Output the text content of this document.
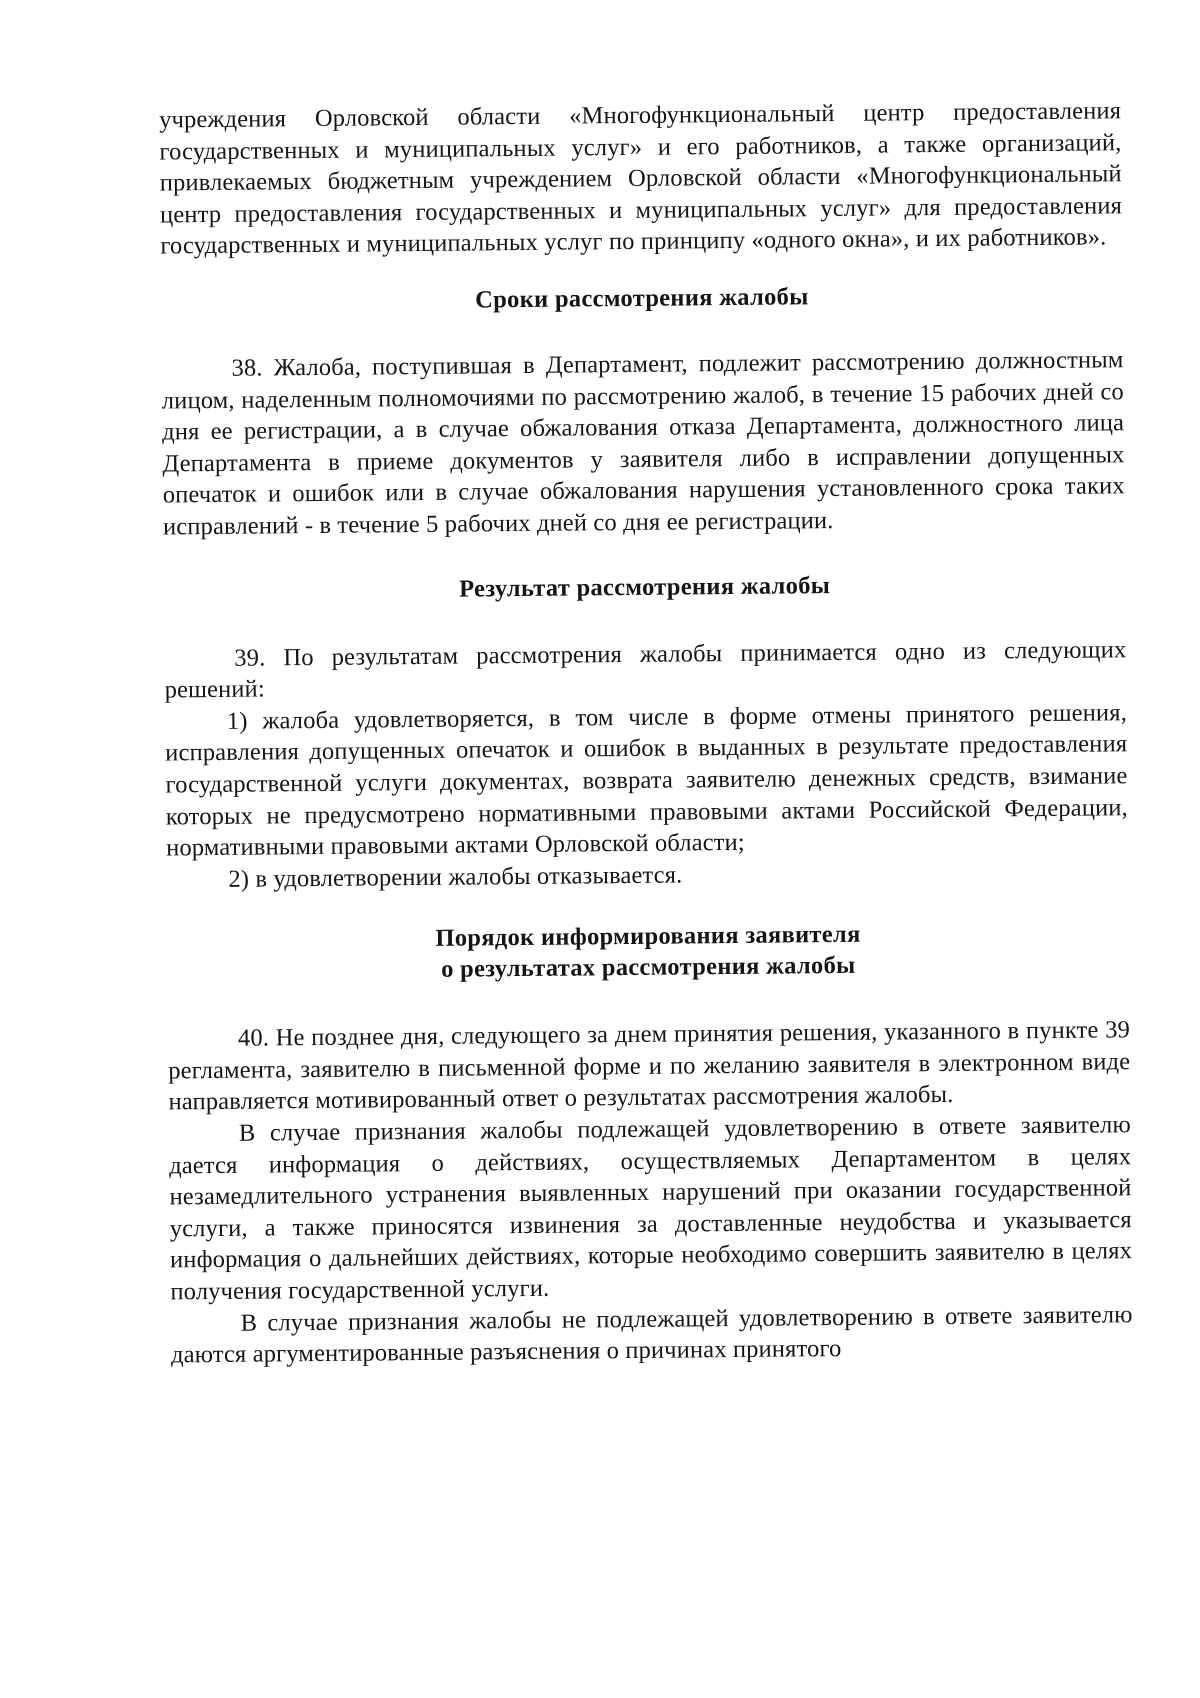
учреждения Орловской области «Многофункциональный центр предоставления государственных и муниципальных услуг» и его работников, а также организаций, привлекаемых бюджетным учреждением Орловской области «Многофункциональный центр предоставления государственных и муниципальных услуг» для предоставления государственных и муниципальных услуг по принципу «одного окна», и их работников».

Сроки рассмотрения жалобы

38. Жалоба, поступившая в Департамент, подлежит рассмотрению должностным лицом, наделенным полномочиями по рассмотрению жалоб, в течение 15 рабочих дней со дня ее регистрации, а в случае обжалования отказа Департамента, должностного лица Департамента в приеме документов у заявителя либо в исправлении допущенных опечаток и ошибок или в случае обжалования нарушения установленного срока таких исправлений - в течение 5 рабочих дней со дня ее регистрации.

Результат рассмотрения жалобы

39. По результатам рассмотрения жалобы принимается одно из следующих решений:

1) жалоба удовлетворяется, в том числе в форме отмены принятого решения, исправления допущенных опечаток и ошибок в выданных в результате предоставления государственной услуги документах, возврата заявителю денежных средств, взимание которых не предусмотрено нормативными правовыми актами Российской Федерации, нормативными правовыми актами Орловской области;

2) в удовлетворении жалобы отказывается.

Порядок информирования заявителя
о результатах рассмотрения жалобы

40. Не позднее дня, следующего за днем принятия решения, указанного в пункте 39 регламента, заявителю в письменной форме и по желанию заявителя в электронном виде направляется мотивированный ответ о результатах рассмотрения жалобы.

В случае признания жалобы подлежащей удовлетворению в ответе заявителю дается информация о действиях, осуществляемых Департаментом в целях незамедлительного устранения выявленных нарушений при оказании государственной услуги, а также приносятся извинения за доставленные неудобства и указывается информация о дальнейших действиях, которые необходимо совершить заявителю в целях получения государственной услуги.

В случае признания жалобы не подлежащей удовлетворению в ответе заявителю даются аргументированные разъяснения о причинах принятого
